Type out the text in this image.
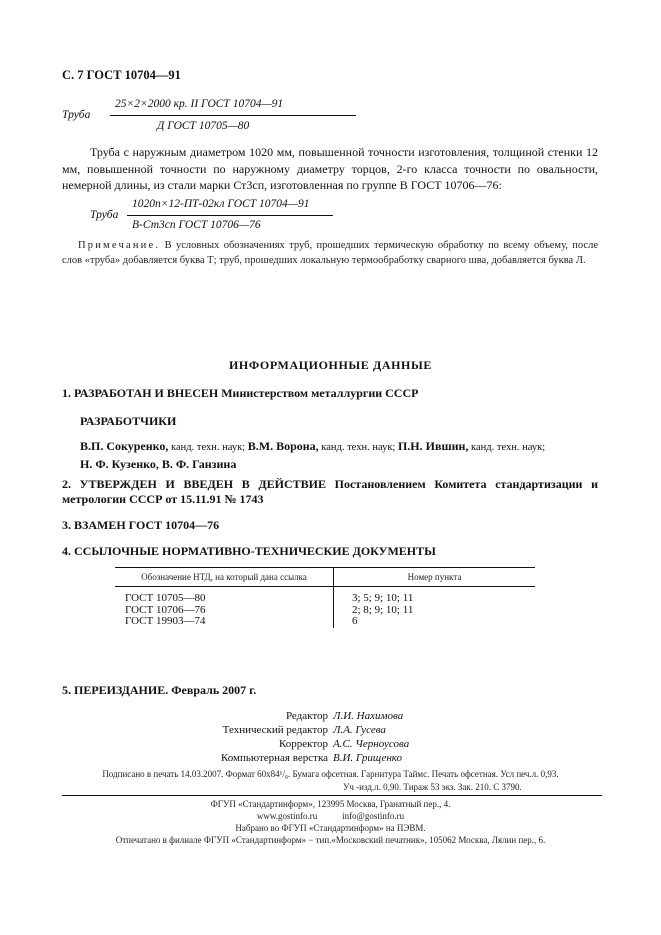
С. 7 ГОСТ 10704—91
Труба
25×2×2000 кр. II ГОСТ 10704—91
Д ГОСТ 10705—80
Труба с наружным диаметром 1020 мм, повышенной точности изготовления, толщиной стенки 12 мм, повышенной точности по наружному диаметру торцов, 2-го класса точности по овальности, немерной длины, из стали марки Ст3сп, изготовленная по группе В ГОСТ 10706—76:
Труба
1020п×12-ПТ-02кл ГОСТ 10704—91
В-Ст3сп ГОСТ 10706—76
Примечание. В условных обозначениях труб, прошедших термическую обработку по всему объему, после слов «труба» добавляется буква Т; труб, прошедших локальную термообработку сварного шва, добавляется буква Л.
ИНФОРМАЦИОННЫЕ ДАННЫЕ
1. РАЗРАБОТАН И ВНЕСЕН Министерством металлургии СССР
РАЗРАБОТЧИКИ
В.П. Сокуренко, канд. техн. наук; В.М. Ворона, канд. техн. наук; П.Н. Ившин, канд. техн. наук;
Н. Ф. Кузенко, В. Ф. Ганзина
2. УТВЕРЖДЕН И ВВЕДЕН В ДЕЙСТВИЕ Постановлением Комитета стандартизации и метрологии СССР от 15.11.91 № 1743
3. ВЗАМЕН ГОСТ 10704—76
4. ССЫЛОЧНЫЕ НОРМАТИВНО-ТЕХНИЧЕСКИЕ ДОКУМЕНТЫ
Обозначение НТД, на который дана ссылка	Номер пункта
ГОСТ 10705—80	3; 5; 9; 10; 11
ГОСТ 10706—76	2; 8; 9; 10; 11
ГОСТ 19903—74	6
5. ПЕРЕИЗДАНИЕ. Февраль 2007 г.
Редактор Л.И. Нахимова
Технический редактор Л.А. Гусева
Корректор А.С. Черноусова
Компьютерная верстка В.И. Грищенко
Подписано в печать 14.03.2007. Формат 60х84¹/₈. Бумага офсетная. Гарнитура Таймс. Печать офсетная. Усл печ.л. 0,93.
Уч -изд.л. 0,90. Тираж 53 экз. Зак. 210. С 3790.
ФГУП «Стандартинформ», 123995 Москва, Гранатный пер., 4.
www.gostinfo.ru	info@gostinfo.ru
Набрано во ФГУП «Стандартинформ» на ПЭВМ.
Отпечатано в филиале ФГУП «Стандартинформ» − тип.«Московский печатник», 105062 Москва, Лялин пер., 6.
